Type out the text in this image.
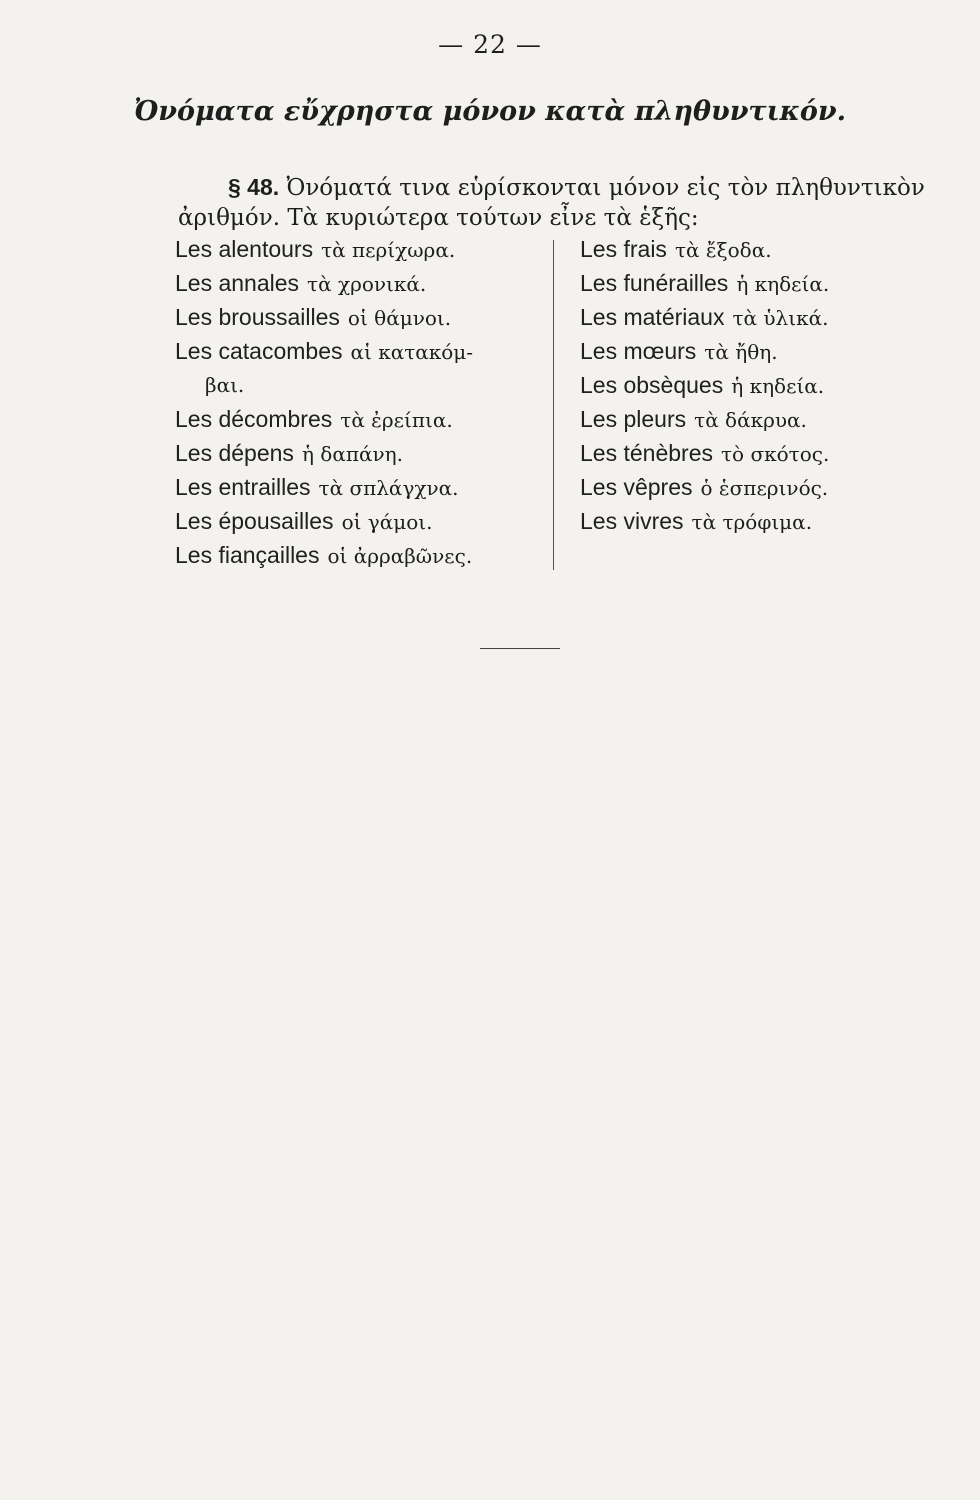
— 22 —
Ὀνόματα εὔχρηστα μόνον κατὰ πληθυντικόν.
§ 48. Ὀνόματά τινα εὑρίσκονται μόνον εἰς τὸν πληθυντικὸν
ἀριθμόν. Τὰ κυριώτερα τούτων εἶνε τὰ ἑξῆς:
Les alentours τὰ περίχωρα.
Les annales τὰ χρονικά.
Les broussailles οἱ θάμνοι.
Les catacombes αἱ κατακόμ-
βαι.
Les décombres τὰ ἐρείπια.
Les dépens ἡ δαπάνη.
Les entrailles τὰ σπλάγχνα.
Les épousailles οἱ γάμοι.
Les fiançailles οἱ ἀρραβῶνες.
Les frais τὰ ἔξοδα.
Les funérailles ἡ κηδεία.
Les matériaux τὰ ὑλικά.
Les mœurs τὰ ἤθη.
Les obsèques ἡ κηδεία.
Les pleurs τὰ δάκρυα.
Les ténèbres τὸ σκότος.
Les vêpres ὁ ἑσπερινός.
Les vivres τὰ τρόφιμα.
